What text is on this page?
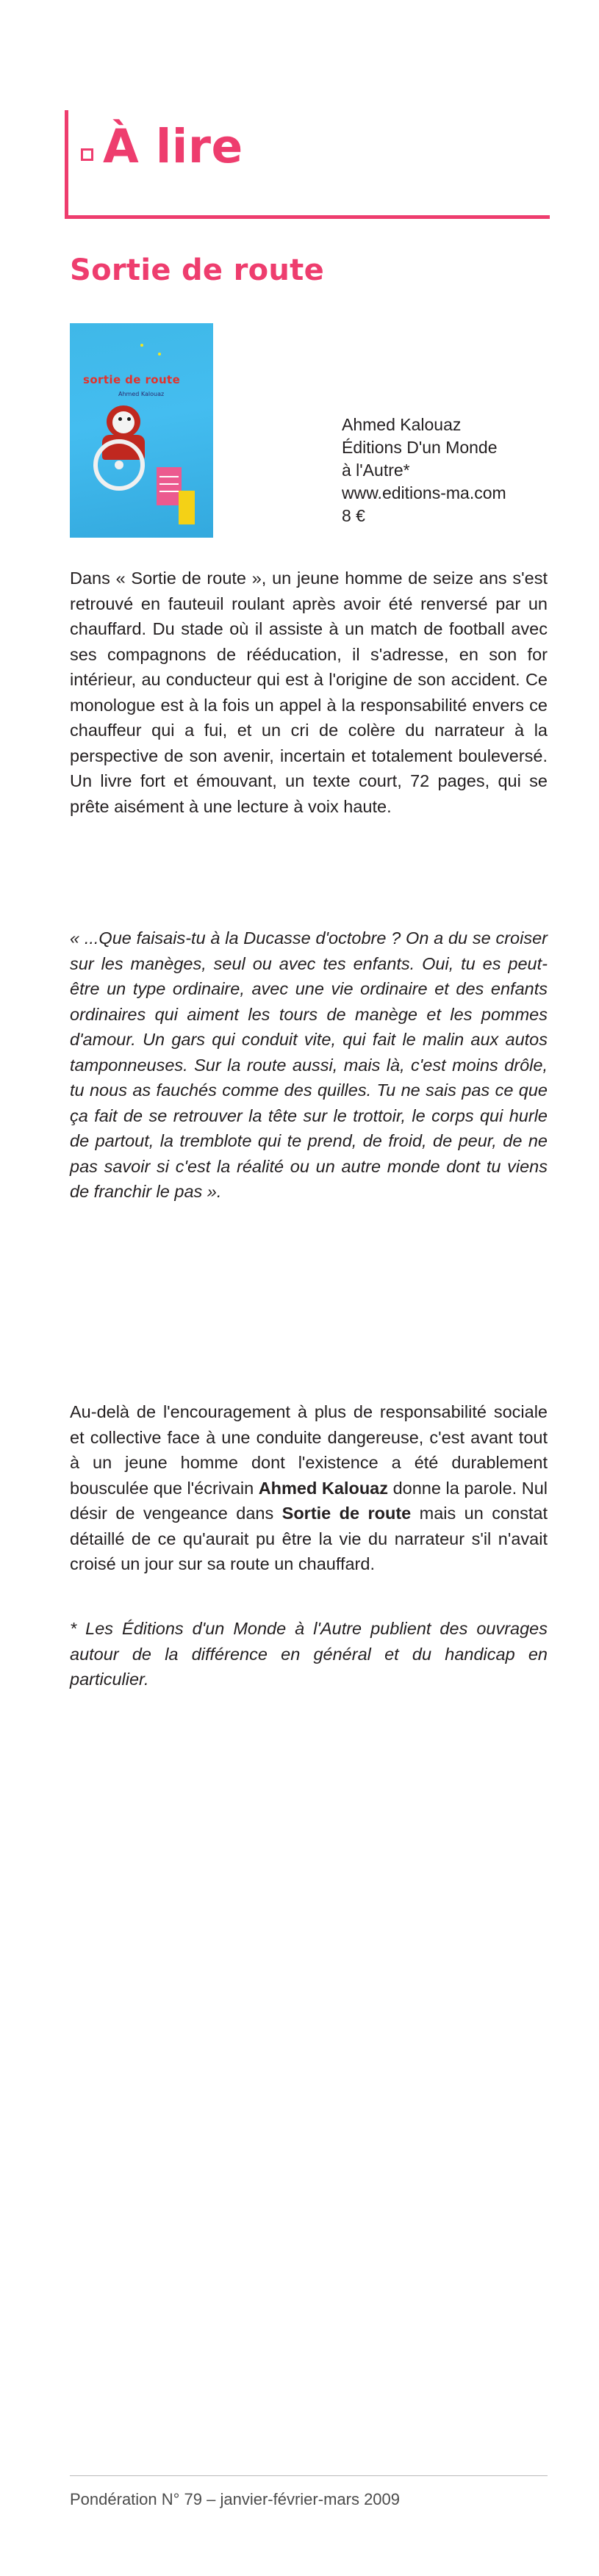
À lire
Sortie de route
sortie de route
Ahmed Kalouaz
Ahmed Kalouaz
Éditions D'un Monde
à l'Autre*
www.editions-ma.com
8 €
Dans « Sortie de route », un jeune homme de seize ans s'est retrouvé en fauteuil roulant après avoir été renversé par un chauffard. Du stade où il assiste à un match de football avec ses compagnons de rééducation, il s'adresse, en son for intérieur, au conducteur qui est à l'origine de son accident. Ce monologue est à la fois un appel à la responsabilité envers ce chauffeur qui a fui, et un cri de colère du narrateur à la perspective de son avenir, incertain et totalement bouleversé. Un livre fort et émouvant, un texte court, 72 pages, qui se prête aisément à une lecture à voix haute.
« ...Que faisais-tu à la Ducasse d'octobre ? On a du se croiser sur les manèges, seul ou avec tes enfants. Oui, tu es peut-être un type ordinaire, avec une vie ordinaire et des enfants ordinaires qui aiment les tours de manège et les pommes d'amour. Un gars qui conduit vite, qui fait le malin aux autos tamponneuses. Sur la route aussi, mais là, c'est moins drôle, tu nous as fauchés comme des quilles. Tu ne sais pas ce que ça fait de se retrouver la tête sur le trottoir, le corps qui hurle de partout, la tremblote qui te prend, de froid, de peur, de ne pas savoir si c'est la réalité ou un autre monde dont tu viens de franchir le pas ».
Au-delà de l'encouragement à plus de responsabilité sociale et collective face à une conduite dangereuse, c'est avant tout à un jeune homme dont l'existence a été durablement bousculée que l'écrivain Ahmed Kalouaz donne la parole. Nul désir de vengeance dans Sortie de route mais un constat détaillé de ce qu'aurait pu être la vie du narrateur s'il n'avait croisé un jour sur sa route un chauffard.
* Les Éditions d'un Monde à l'Autre publient des ouvrages autour de la différence en général et du handicap en particulier.
Pondération N° 79 – janvier-février-mars 2009
